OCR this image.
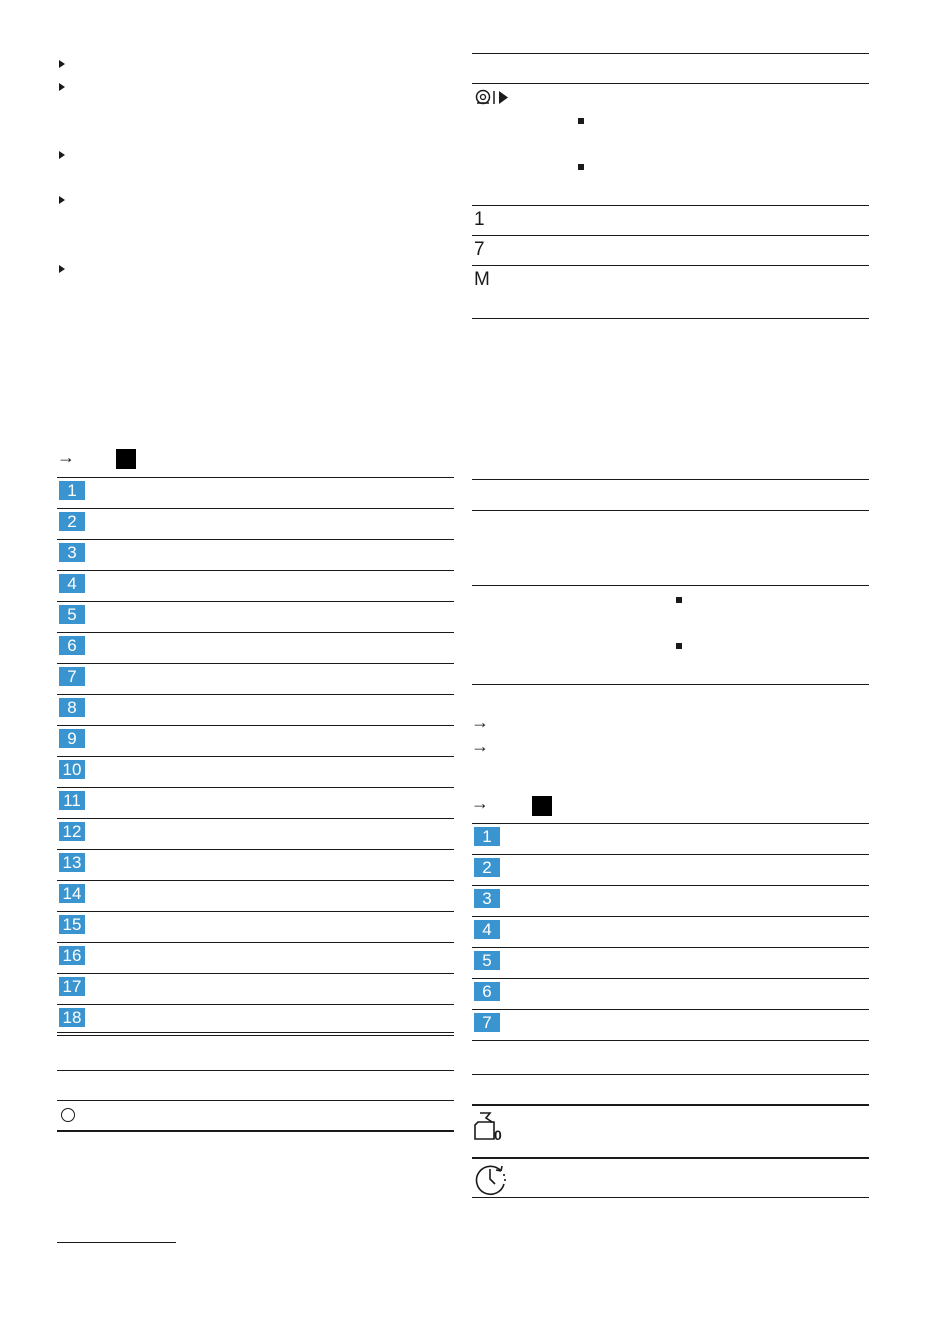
→
1
2
3
4
5
6
7
8
9
10
11
12
13
14
15
16
17
18
1
7
M
→
→
→
1
2
3
4
5
6
7
0
